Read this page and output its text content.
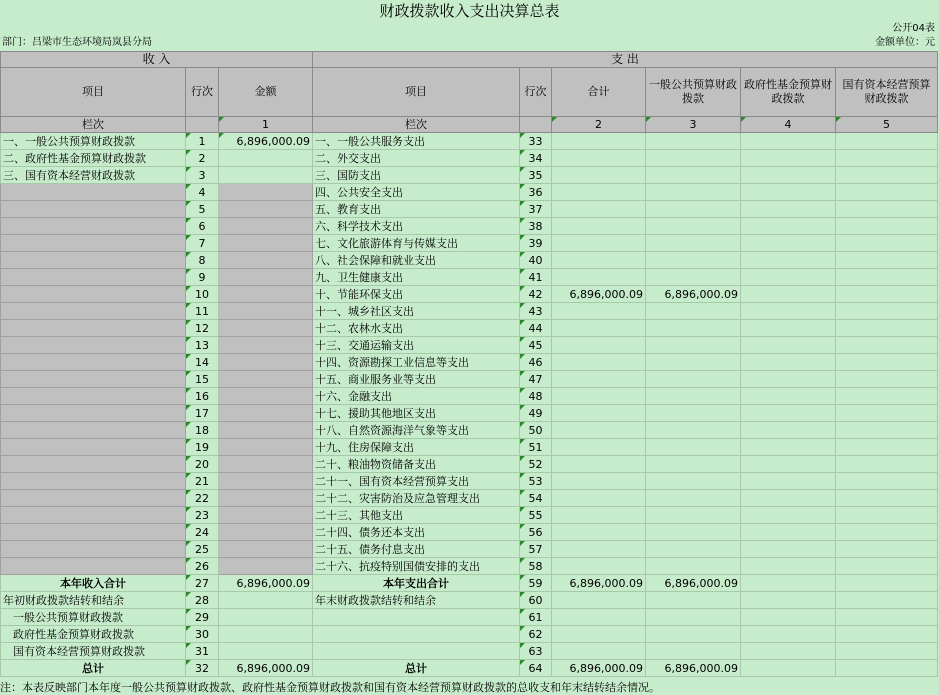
财政拨款收入支出决算总表
公开04表
部门：吕梁市生态环境局岚县分局	金额单位：元
收 入			支 出					
项目	行次	金额	项目	行次	合计	一般公共预算财政拨款	政府性基金预算财政拨款	国有资本经营预算财政拨款
栏次		1	栏次		2	3	4	5
一、一般公共预算财政拨款	1	6,896,000.09	一、一般公共服务支出	33				
二、政府性基金预算财政拨款	2		二、外交支出	34				
三、国有资本经营财政拨款	3		三、国防支出	35				
	4		四、公共安全支出	36				
	5		五、教育支出	37				
	6		六、科学技术支出	38				
	7		七、文化旅游体育与传媒支出	39				
	8		八、社会保障和就业支出	40				
	9		九、卫生健康支出	41				
	10		十、节能环保支出	42	6,896,000.09	6,896,000.09		
	11		十一、城乡社区支出	43				
	12		十二、农林水支出	44				
	13		十三、交通运输支出	45				
	14		十四、资源勘探工业信息等支出	46				
	15		十五、商业服务业等支出	47				
	16		十六、金融支出	48				
	17		十七、援助其他地区支出	49				
	18		十八、自然资源海洋气象等支出	50				
	19		十九、住房保障支出	51				
	20		二十、粮油物资储备支出	52				
	21		二十一、国有资本经营预算支出	53				
	22		二十二、灾害防治及应急管理支出	54				
	23		二十三、其他支出	55				
	24		二十四、债务还本支出	56				
	25		二十五、债务付息支出	57				
	26		二十六、抗疫特别国债安排的支出	58				
本年收入合计	27	6,896,000.09	本年支出合计	59	6,896,000.09	6,896,000.09		
年初财政拨款结转和结余	28		年末财政拨款结转和结余	60				
一般公共预算财政拨款	29			61				
政府性基金预算财政拨款	30			62				
国有资本经营预算财政拨款	31			63				
总计	32	6,896,000.09	总计	64	6,896,000.09	6,896,000.09		
注：本表反映部门本年度一般公共预算财政拨款、政府性基金预算财政拨款和国有资本经营预算财政拨款的总收支和年末结转结余情况。
